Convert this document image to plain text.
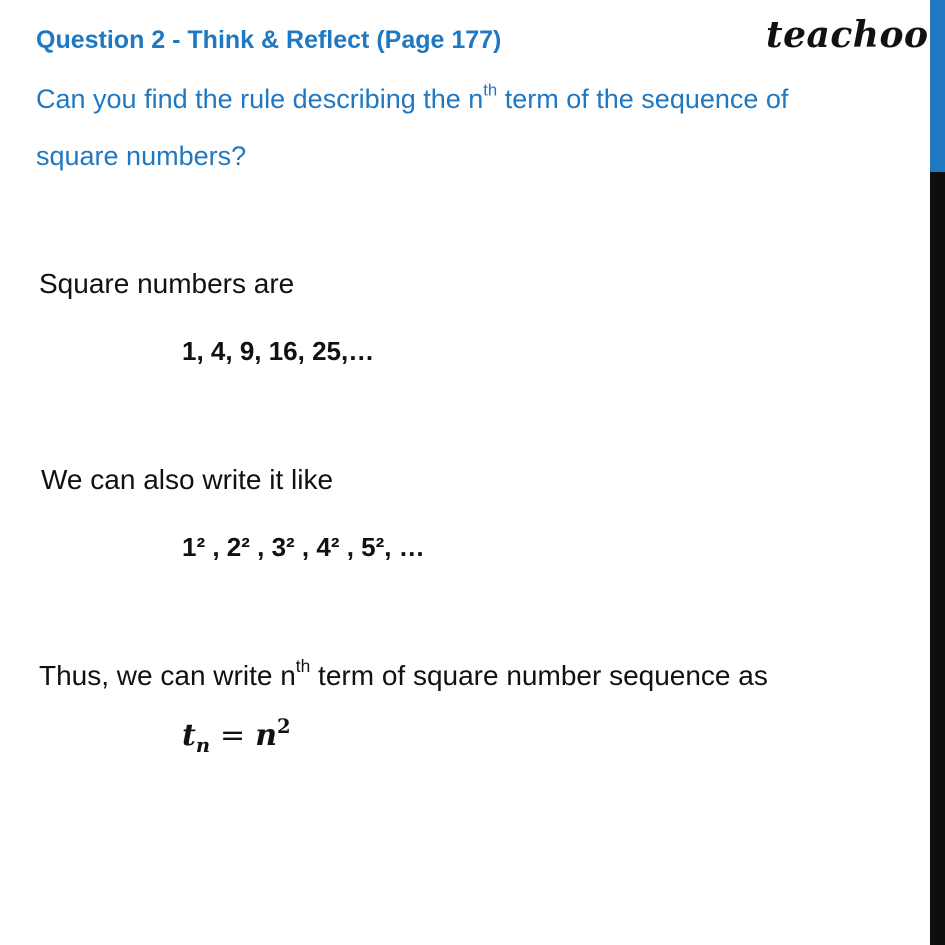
teachoo
Question 2 - Think & Reflect (Page 177)
Can you find the rule describing the $n^{th}$ term of the sequence of
square numbers?
Square numbers are
1, 4, 9, 16, 25,…
We can also write it like
1² , 2² , 3² , 4² , 5², …
Thus, we can write $n^{th}$ term of square number sequence as
$t_n = n^2$
